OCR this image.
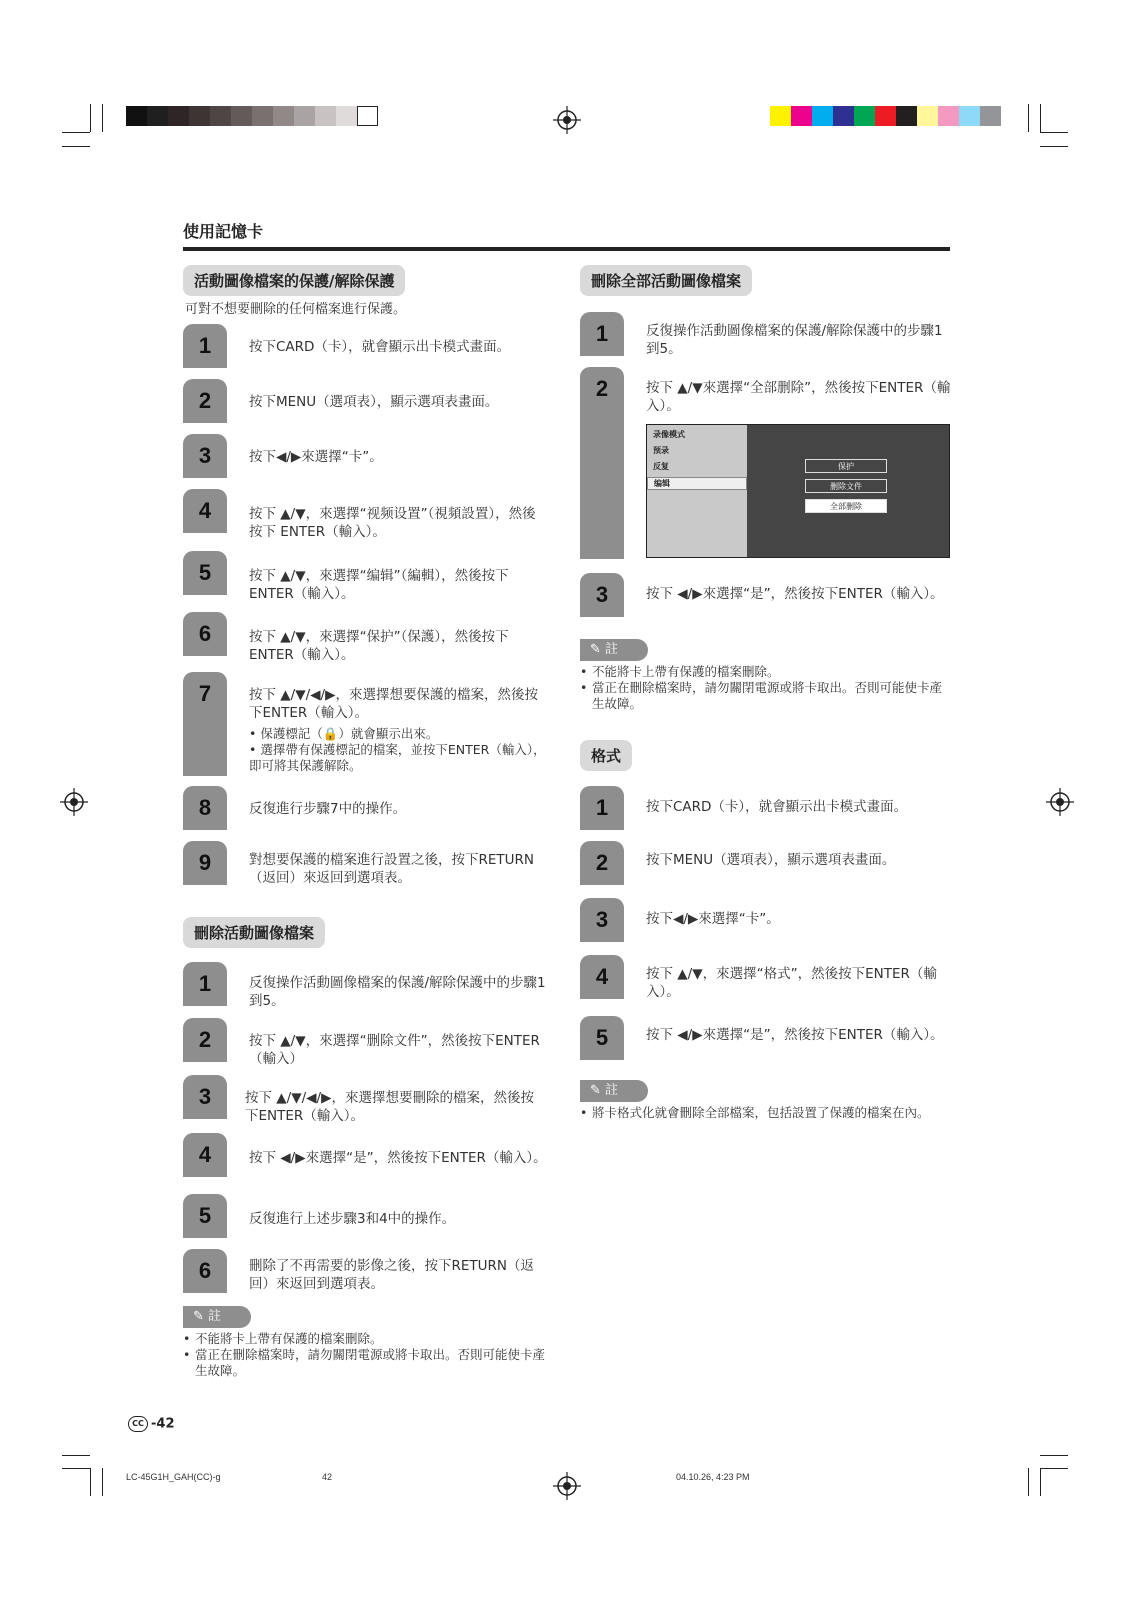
使用記憶卡
活動圖像檔案的保護/解除保護
可對不想要刪除的任何檔案進行保護。
1	按下CARD（卡），就會顯示出卡模式畫面。
2	按下MENU（選項表），顯示選項表畫面。
3	按下◀/▶來選擇“卡”。
4	按下 ▲/▼，來選擇“视频设置”（視頻設置），然後按下 ENTER（輸入）。
5	按下 ▲/▼，來選擇“编辑”（編輯），然後按下 ENTER（輸入）。
6	按下 ▲/▼，來選擇“保护”（保護），然後按下 ENTER（輸入）。
7	按下 ▲/▼/◀/▶，來選擇想要保護的檔案，然後按下ENTER（輸入）。
• 保護標記（🔒）就會顯示出來。
• 選擇帶有保護標記的檔案，並按下ENTER（輸入），即可將其保護解除。
8	反復進行步驟7中的操作。
9	對想要保護的檔案進行設置之後，按下RETURN（返回）來返回到選項表。
刪除活動圖像檔案
1	反復操作活動圖像檔案的保護/解除保護中的步驟1到5。
2	按下 ▲/▼，來選擇“删除文件”，然後按下ENTER（輸入）
3	按下 ▲/▼/◀/▶，來選擇想要刪除的檔案，然後按下ENTER（輸入）。
4	按下 ◀/▶來選擇“是”，然後按下ENTER（輸入）。
5	反復進行上述步驟3和4中的操作。
6	刪除了不再需要的影像之後，按下RETURN（返回）來返回到選項表。
✎ 註
• 不能將卡上帶有保護的檔案刪除。
• 當正在刪除檔案時，請勿關閉電源或將卡取出。否則可能使卡產生故障。
刪除全部活動圖像檔案
1	反復操作活動圖像檔案的保護/解除保護中的步驟1到5。
2	按下 ▲/▼來選擇“全部删除”，然後按下ENTER（輸入）。
录像模式
预录
反复
编辑
保护
删除文件
全部删除
3	按下 ◀/▶來選擇“是”，然後按下ENTER（輸入）。
✎ 註
• 不能將卡上帶有保護的檔案刪除。
• 當正在刪除檔案時，請勿關閉電源或將卡取出。否則可能使卡產生故障。
格式
1	按下CARD（卡），就會顯示出卡模式畫面。
2	按下MENU（選項表），顯示選項表畫面。
3	按下◀/▶來選擇“卡”。
4	按下 ▲/▼，來選擇“格式”，然後按下ENTER（輸入）。
5	按下 ◀/▶來選擇“是”，然後按下ENTER（輸入）。
✎ 註
• 將卡格式化就會刪除全部檔案，包括設置了保護的檔案在內。
CC -42
LC-45G1H_GAH(CC)-g	42	04.10.26, 4:23 PM
